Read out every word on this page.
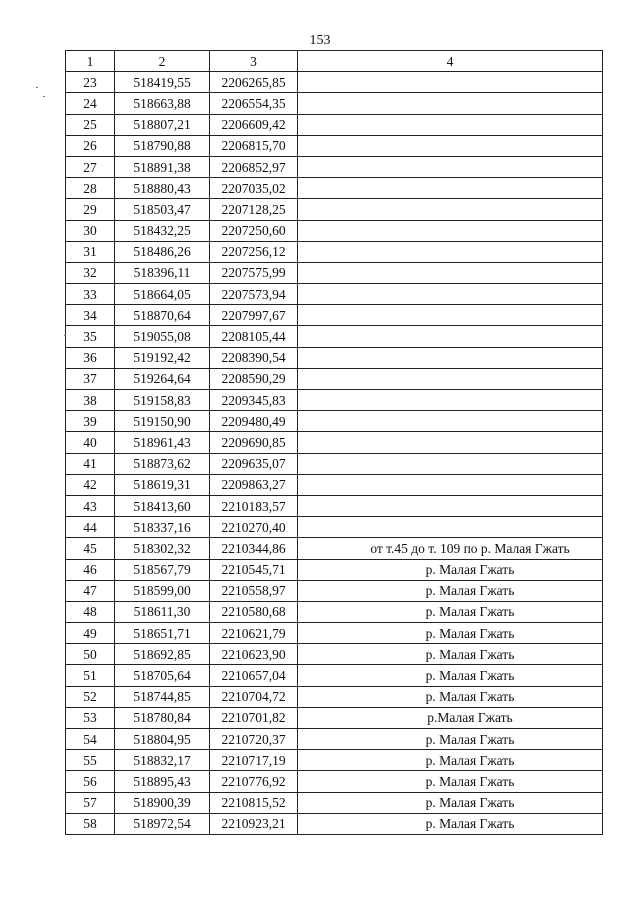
153
1	2	3	4
23	518419,55	2206265,85	
24	518663,88	2206554,35	
25	518807,21	2206609,42	
26	518790,88	2206815,70	
27	518891,38	2206852,97	
28	518880,43	2207035,02	
29	518503,47	2207128,25	
30	518432,25	2207250,60	
31	518486,26	2207256,12	
32	518396,11	2207575,99	
33	518664,05	2207573,94	
34	518870,64	2207997,67	
35	519055,08	2208105,44	
36	519192,42	2208390,54	
37	519264,64	2208590,29	
38	519158,83	2209345,83	
39	519150,90	2209480,49	
40	518961,43	2209690,85	
41	518873,62	2209635,07	
42	518619,31	2209863,27	
43	518413,60	2210183,57	
44	518337,16	2210270,40	
45	518302,32	2210344,86	от т.45 до т. 109 по р. Малая Гжать
46	518567,79	2210545,71	р. Малая Гжать
47	518599,00	2210558,97	р. Малая Гжать
48	518611,30	2210580,68	р. Малая Гжать
49	518651,71	2210621,79	р. Малая Гжать
50	518692,85	2210623,90	р. Малая Гжать
51	518705,64	2210657,04	р. Малая Гжать
52	518744,85	2210704,72	р. Малая Гжать
53	518780,84	2210701,82	р.Малая Гжать
54	518804,95	2210720,37	р. Малая Гжать
55	518832,17	2210717,19	р. Малая Гжать
56	518895,43	2210776,92	р. Малая Гжать
57	518900,39	2210815,52	р. Малая Гжать
58	518972,54	2210923,21	р. Малая Гжать
